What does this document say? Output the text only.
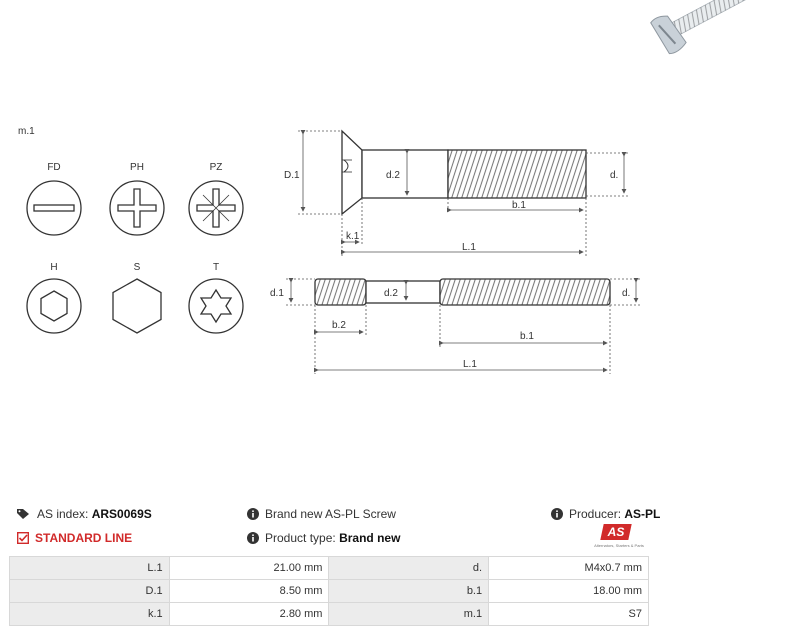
m.1
FD	PH	PZ
H	S	T
D.1	d.2	d.
b.1
k.1
L.1
d.1	d.2	d.
b.2
b.1
L.1
AS index: ARS0069S
STANDARD LINE
Brand new AS-PL Screw
Product type: Brand new
Producer: AS-PL
AS
Alternators, Starters & Parts
L.1	21.00 mm	d.	M4x0.7 mm
D.1	8.50 mm	b.1	18.00 mm
k.1	2.80 mm	m.1	S7
